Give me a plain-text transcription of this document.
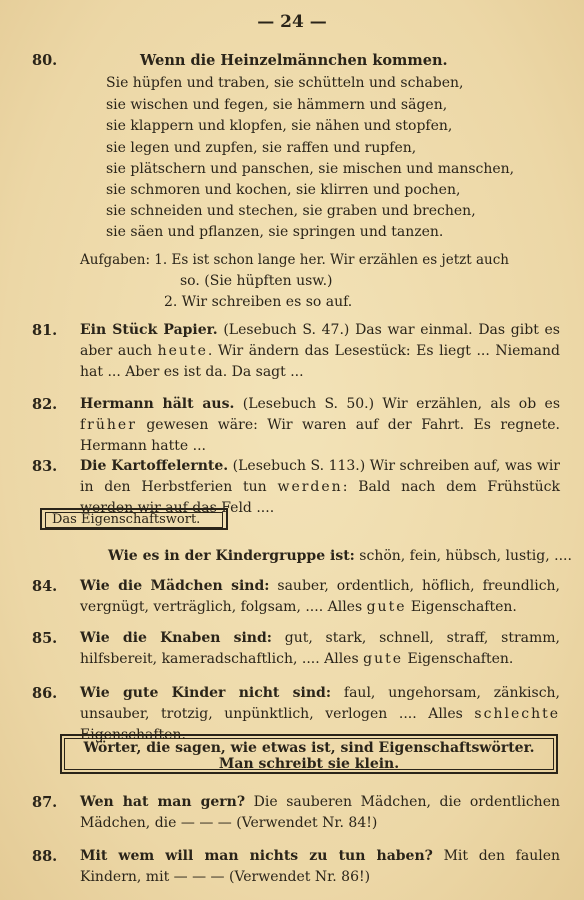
— 24 —
80.	Wenn die Heinzelmännchen kommen.
Sie hüpfen und traben, sie schütteln und schaben,
sie wischen und fegen, sie hämmern und sägen,
sie klappern und klopfen, sie nähen und stopfen,
sie legen und zupfen, sie raffen und rupfen,
sie plätschern und panschen, sie mischen und manschen,
sie schmoren und kochen, sie klirren und pochen,
sie schneiden und stechen, sie graben und brechen,
sie säen und pflanzen, sie springen und tanzen.
Aufgaben: 1. Es ist schon lange her. Wir erzählen es jetzt auch
so. (Sie hüpften usw.)
2. Wir schreiben es so auf.
81. Ein Stück Papier. (Lesebuch S. 47.) Das war einmal. Das gibt es aber auch heute. Wir ändern das Lesestück: Es liegt ... Niemand hat ... Aber es ist da. Da sagt ...
82. Hermann hält aus. (Lesebuch S. 50.) Wir erzählen, als ob es früher gewesen wäre: Wir waren auf der Fahrt. Es regnete. Hermann hatte ...
83. Die Kartoffelernte. (Lesebuch S. 113.) Wir schreiben auf, was wir in den Herbstferien tun werden: Bald nach dem Frühstück werden wir auf das Feld ....
Das Eigenschaftswort.
Wie es in der Kindergruppe ist: schön, fein, hübsch, lustig, ....
84. Wie die Mädchen sind: sauber, ordentlich, höflich, freundlich, vergnügt, verträglich, folgsam, .... Alles gute Eigenschaften.
85. Wie die Knaben sind: gut, stark, schnell, straff, stramm, hilfsbereit, kameradschaftlich, .... Alles gute Eigenschaften.
86. Wie gute Kinder nicht sind: faul, ungehorsam, zänkisch, unsauber, trotzig, unpünktlich, verlogen .... Alles schlechte Eigenschaften.
Wörter, die sagen, wie etwas ist, sind Eigenschaftswörter.
Man schreibt sie klein.
87. Wen hat man gern? Die sauberen Mädchen, die ordentlichen Mädchen, die — — — (Verwendet Nr. 84!)
88. Mit wem will man nichts zu tun haben? Mit den faulen Kindern, mit — — — (Verwendet Nr. 86!)
